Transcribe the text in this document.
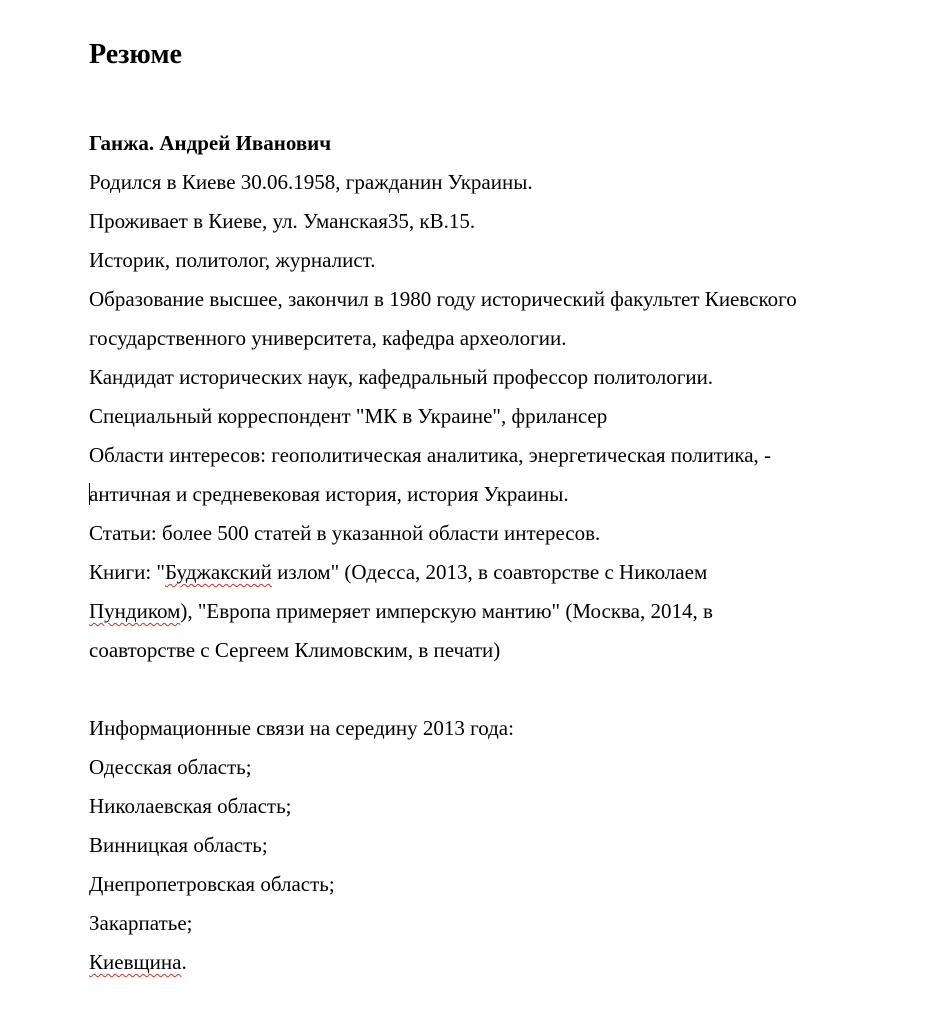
Резюме

Ганжа. Андрей Иванович

Родился в Киеве 30.06.1958, гражданин Украины.

Проживает в Киеве, ул. Уманская35, кВ.15.

Историк, политолог, журналист.

Образование высшее, закончил в 1980 году исторический факультет Киевского

государственного университета, кафедра археологии.

Кандидат исторических наук, кафедральный профессор политологии.

Специальный корреспондент "МК в Украине", фрилансер

Области интересов: геополитическая аналитика, энергетическая политика, -

античная и средневековая история, история Украины.

Статьи: более 500 статей в указанной области интересов.

Книги: "Буджакский излом" (Одесса, 2013, в соавторстве с Николаем

Пундиком), "Европа примеряет имперскую мантию" (Москва, 2014, в

соавторстве с Сергеем Климовским, в печати)

Информационные связи на середину 2013 года:

Одесская область;

Николаевская область;

Винницкая область;

Днепропетровская область;

Закарпатье;

Киевщина.
